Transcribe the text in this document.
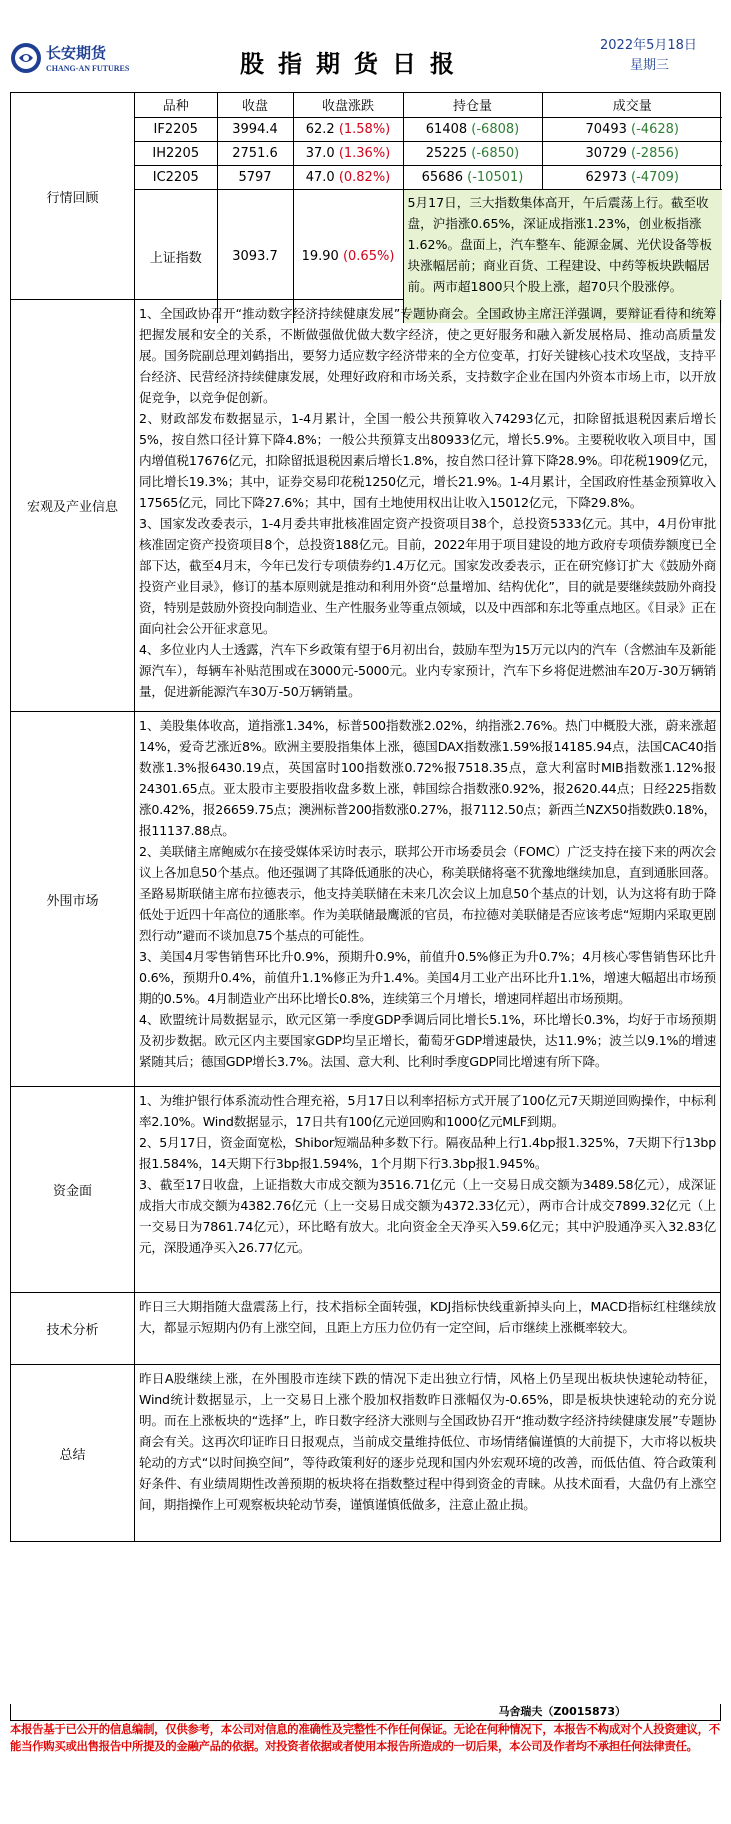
长安期货
CHANG-AN FUTURES	股指期货日报
2022年5月18日
星期三
行情回顾
品种	收盘	收盘涨跌	持仓量	成交量
IF2205	3994.4	62.2 (1.58%)	61408 (-6808)	70493 (-4628)
IH2205	2751.6	37.0 (1.36%)	25225 (-6850)	30729 (-2856)
IC2205	5797	47.0 (0.82%)	65686 (-10501)	62973 (-4709)
上证指数	3093.7	19.90 (0.65%)	5月17日，三大指数集体高开，午后震荡上行。截至收盘，沪指涨0.65%，深证成指涨1.23%，创业板指涨1.62%。盘面上，汽车整车、能源金属、光伏设备等板块涨幅居前；商业百货、工程建设、中药等板块跌幅居前。两市超1800只个股上涨，超70只个股涨停。	
宏观及产业信息

1、全国政协召开“推动数字经济持续健康发展”专题协商会。全国政协主席汪洋强调，要辩证看待和统筹把握发展和安全的关系，不断做强做优做大数字经济，使之更好服务和融入新发展格局、推动高质量发展。国务院副总理刘鹤指出，要努力适应数字经济带来的全方位变革，打好关键核心技术攻坚战，支持平台经济、民营经济持续健康发展，处理好政府和市场关系，支持数字企业在国内外资本市场上市，以开放促竞争，以竞争促创新。

2、财政部发布数据显示，1-4月累计，全国一般公共预算收入74293亿元，扣除留抵退税因素后增长5%，按自然口径计算下降4.8%；一般公共预算支出80933亿元，增长5.9%。主要税收收入项目中，国内增值税17676亿元，扣除留抵退税因素后增长1.8%，按自然口径计算下降28.9%。印花税1909亿元，同比增长19.3%；其中，证券交易印花税1250亿元，增长21.9%。1-4月累计，全国政府性基金预算收入17565亿元，同比下降27.6%；其中，国有土地使用权出让收入15012亿元，下降29.8%。

3、国家发改委表示，1-4月委共审批核准固定资产投资项目38个，总投资5333亿元。其中，4月份审批核准固定资产投资项目8个，总投资188亿元。目前，2022年用于项目建设的地方政府专项债券额度已全部下达，截至4月末，今年已发行专项债券约1.4万亿元。国家发改委表示，正在研究修订扩大《鼓励外商投资产业目录》，修订的基本原则就是推动和利用外资“总量增加、结构优化”，目的就是要继续鼓励外商投资，特别是鼓励外资投向制造业、生产性服务业等重点领域，以及中西部和东北等重点地区。《目录》正在面向社会公开征求意见。

4、多位业内人士透露，汽车下乡政策有望于6月初出台，鼓励车型为15万元以内的汽车（含燃油车及新能源汽车），每辆车补贴范围或在3000元-5000元。业内专家预计，汽车下乡将促进燃油车20万-30万辆销量，促进新能源汽车30万-50万辆销量。

外围市场

1、美股集体收高，道指涨1.34%，标普500指数涨2.02%，纳指涨2.76%。热门中概股大涨，蔚来涨超14%，爱奇艺涨近8%。欧洲主要股指集体上涨，德国DAX指数涨1.59%报14185.94点，法国CAC40指数涨1.3%报6430.19点，英国富时100指数涨0.72%报7518.35点，意大利富时MIB指数涨1.12%报24301.65点。亚太股市主要股指收盘多数上涨，韩国综合指数涨0.92%，报2620.44点；日经225指数涨0.42%，报26659.75点；澳洲标普200指数涨0.27%，报7112.50点；新西兰NZX50指数跌0.18%，报11137.88点。

2、美联储主席鲍威尔在接受媒体采访时表示，联邦公开市场委员会（FOMC）广泛支持在接下来的两次会议上各加息50个基点。他还强调了其降低通胀的决心，称美联储将毫不犹豫地继续加息，直到通胀回落。圣路易斯联储主席布拉德表示，他支持美联储在未来几次会议上加息50个基点的计划，认为这将有助于降低处于近四十年高位的通胀率。作为美联储最鹰派的官员，布拉德对美联储是否应该考虑“短期内采取更剧烈行动”避而不谈加息75个基点的可能性。

3、美国4月零售销售环比升0.9%，预期升0.9%，前值升0.5%修正为升0.7%；4月核心零售销售环比升0.6%，预期升0.4%，前值升1.1%修正为升1.4%。美国4月工业产出环比升1.1%，增速大幅超出市场预期的0.5%。4月制造业产出环比增长0.8%，连续第三个月增长，增速同样超出市场预期。

4、欧盟统计局数据显示，欧元区第一季度GDP季调后同比增长5.1%，环比增长0.3%，均好于市场预期及初步数据。欧元区内主要国家GDP均呈正增长，葡萄牙GDP增速最快，达11.9%；波兰以9.1%的增速紧随其后；德国GDP增长3.7%。法国、意大利、比利时季度GDP同比增速有所下降。

资金面

1、为维护银行体系流动性合理充裕，5月17日以利率招标方式开展了100亿元7天期逆回购操作，中标利率2.10%。Wind数据显示，17日共有100亿元逆回购和1000亿元MLF到期。

2、5月17日，资金面宽松，Shibor短端品种多数下行。隔夜品种上行1.4bp报1.325%，7天期下行13bp报1.584%，14天期下行3bp报1.594%，1个月期下行3.3bp报1.945%。

3、截至17日收盘，上证指数大市成交额为3516.71亿元（上一交易日成交额为3489.58亿元），成深证成指大市成交额为4382.76亿元（上一交易日成交额为4372.33亿元），两市合计成交7899.32亿元（上一交易日为7861.74亿元），环比略有放大。北向资金全天净买入59.6亿元；其中沪股通净买入32.83亿元，深股通净买入26.77亿元。

技术分析

昨日三大期指随大盘震荡上行，技术指标全面转强，KDJ指标快线重新掉头向上，MACD指标红柱继续放大，都显示短期内仍有上涨空间，且距上方压力位仍有一定空间，后市继续上涨概率较大。

总结

昨日A股继续上涨，在外围股市连续下跌的情况下走出独立行情，风格上仍呈现出板块快速轮动特征，Wind统计数据显示，上一交易日上涨个股加权指数昨日涨幅仅为-0.65%，即是板块快速轮动的充分说明。而在上涨板块的“选择”上，昨日数字经济大涨则与全国政协召开“推动数字经济持续健康发展”专题协商会有关。这再次印证昨日日报观点，当前成交量维持低位、市场情绪偏谨慎的大前提下，大市将以板块轮动的方式“以时间换空间”，等待政策利好的逐步兑现和国内外宏观环境的改善，而低估值、符合政策利好条件、有业绩周期性改善预期的板块将在指数整过程中得到资金的青睐。从技术面看，大盘仍有上涨空间，期指操作上可观察板块轮动节奏，谨慎谨慎低做多，注意止盈止损。

马舍瑞夫（Z0015873）
本报告基于已公开的信息编制，仅供参考，本公司对信息的准确性及完整性不作任何保证。无论在何种情况下，本报告不构成对个人投资建议，不能当作购买或出售报告中所提及的金融产品的依据。对投资者依据或者使用本报告所造成的一切后果，本公司及作者均不承担任何法律责任。
